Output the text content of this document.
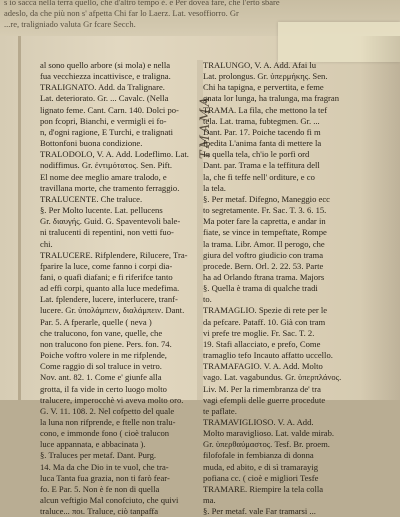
s io sacca nella terra quello, che d'altro tempo è. e Per dovea fare, che l'erto sbare
adeslo, da che più non s' afpetta Chi far lo Laerz. Lat. vesoffiorro. Gr
...re, traligniado valuta Gr fcare Secch.
TMAMA

al sono quello arbore (si mola) e nella

fua vecchiezza incattivisce, e traligna.

TRALIGNATO. Add. da Tralignare.

Lat. deteriorato. Gr. ... Cavalc. (Nella

lignato feme. Cant. Carn. 140. Dolci po-

pon fcopri, Bianchi, e vermigli ei fo-

n, d'ogni ragione, E Turchi, e tralignati

Bottonfoni buona condizione.

TRALODOLO, V. A. Add. Lodeflimo. Lat.

nodiffimus. Gr. ἐντιμότατος. Sen. Pift.

El nome dee meglio amare tralodo, e

travillana morte, che tramento ferraggio.

TRALUCENTE. Che traluce.

§. Per Molto lucente. Lat. pellucens

Gr. διαυγής. Guid. G. Spaventevoli bale-

ni tralucenti di repentini, non vetti fuo-

chi.

TRALUCERE. Rifplendere, Rilucere, Tra-

fparire la luce, come fanno i corpi dia-

fani, o quafi diafani; e fi riferifce tanto

ad effi corpi, quanto alla luce medefima.

Lat. fplendere, lucere, interlucere, tranf-

lucere. Gr. ὑπολάμπειν, διαλάμπειν. Dant.

Par. 5. A fperarle, quelle ( neva )

che tralucono, fon vane, quelle, che

non tralucono fon piene. Pers. fon. 74.

Poiche voftro volere in me rifplende,

Come raggio di sol traluce in vetro.

Nov. ant. 82. 1. Come e' giunfe alla

grotta, il fa vide in certo luogo molto

tralucere, imperocchè vi aveva molto oro.

G. V. 11. 108. 2. Nel cofpetto del quale

la luna non rifprende, e ftelle non tralu-

cono, e immonde fono ( cioè tralucon

luce appannata, e abbacinata ).

§. Traluces per metaf. Dant. Purg.

14. Ma da che Dio in te vuol, che tra-

luca Tanta fua grazia, non ti farò fear-

fo. E Par. 5. Non è fe non di quella

alcun veftigio Mal conofciuto, che quivi

traluce... ποι. Traluce, ciò tanpaffa

TRALUNGO, V. A. Add. Afai lu

Lat. prolongus. Gr. ὑπερμήκης. Sen.

Chi ha tapigna, e pervertita, e feme

gnata lor lunga, ha tralunga, ma fragran

TRAMA. La fila, che mettono la tef

tela. Lat. trama, fubtegmen. Gr. ...

Dant. Par. 17. Poiche tacendo fi m

fpedita L'anima fanta di mettere la

In quella tela, ch'io le porfi ord

Dant. par. Trama e la teffitura dell

la, che fi teffe nell' orditure, e co

la tela.

§. Per metaf. Difegno, Maneggio ecc

to segretamente. Fr. Sac. T. 3. 6. 15.

Ma poter fare la capretta, e andar in

fiate, se vince in tempeftate, Rompe

la trama. Libr. Amor. Il perogo, che

giura del voftro giudicio con trama

procede. Bern. Orl. 2. 22. 53. Parte

ha ad Orlando ftrana trama. Majors

§. Quella è trama di qualche tradi

to.

TRAMAGLIO. Spezie di rete per le

da pefcare. Pataff. 10. Già con tram

vi prefe tre moglie. Fr. Sac. T. 2.

19. Stafi allacciato, e prefo, Come

tramaglio tefo Incauto affatto uccello.

TRAMAFAGIO. V. A. Add. Molto

vago. Lat. vagabundus. Gr. ὑπερπλάνος.

Liv. M. Per la rimembranza de' tra

vagi efempli delle guerre procedute

te paflate.

TRAMAVIGLIOSO. V. A. Add.

Molto maraviglioso. Lat. valde mirab.

Gr. ὑπερθαύμαστος. Tesf. Br. proem.

filofofale in fembianza di donna

muda, ed abito, e di sì tramarayig

pofiana cc. ( cioè e migliori Tesfe

TRAMARE. Riempire la tela colla

ma.

§. Per metaf. vale Far tramarsi ...
